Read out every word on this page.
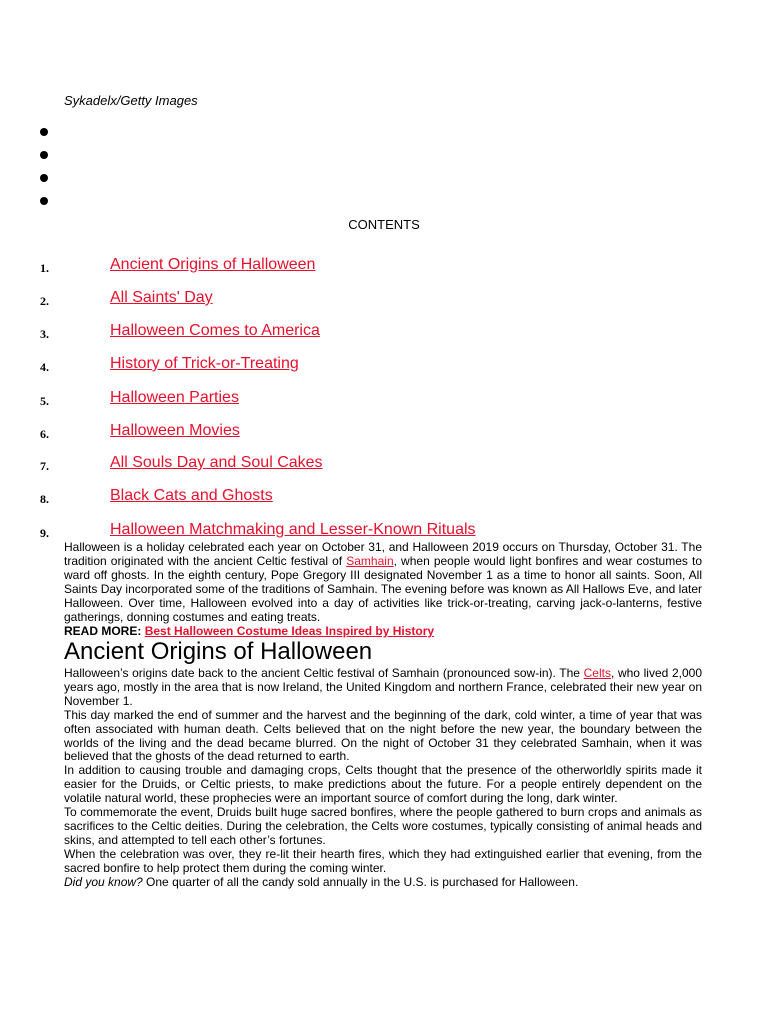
Sykadelx/Getty Images
CONTENTS
1.	Ancient Origins of Halloween
2.	All Saints' Day
3.	Halloween Comes to America
4.	History of Trick-or-Treating
5.	Halloween Parties
6.	Halloween Movies
7.	All Souls Day and Soul Cakes
8.	Black Cats and Ghosts
9.	Halloween Matchmaking and Lesser-Known Rituals
Halloween is a holiday celebrated each year on October 31, and Halloween 2019 occurs on Thursday, October 31. The tradition originated with the ancient Celtic festival of Samhain, when people would light bonfires and wear costumes to ward off ghosts. In the eighth century, Pope Gregory III designated November 1 as a time to honor all saints. Soon, All Saints Day incorporated some of the traditions of Samhain. The evening before was known as All Hallows Eve, and later Halloween. Over time, Halloween evolved into a day of activities like trick-or-treating, carving jack-o-lanterns, festive gatherings, donning costumes and eating treats.
READ MORE: Best Halloween Costume Ideas Inspired by History
Ancient Origins of Halloween

Halloween’s origins date back to the ancient Celtic festival of Samhain (pronounced sow-in). The Celts, who lived 2,000 years ago, mostly in the area that is now Ireland, the United Kingdom and northern France, celebrated their new year on November 1.

This day marked the end of summer and the harvest and the beginning of the dark, cold winter, a time of year that was often associated with human death. Celts believed that on the night before the new year, the boundary between the worlds of the living and the dead became blurred. On the night of October 31 they celebrated Samhain, when it was believed that the ghosts of the dead returned to earth.

In addition to causing trouble and damaging crops, Celts thought that the presence of the otherworldly spirits made it easier for the Druids, or Celtic priests, to make predictions about the future. For a people entirely dependent on the volatile natural world, these prophecies were an important source of comfort during the long, dark winter.

To commemorate the event, Druids built huge sacred bonfires, where the people gathered to burn crops and animals as sacrifices to the Celtic deities. During the celebration, the Celts wore costumes, typically consisting of animal heads and skins, and attempted to tell each other’s fortunes.

When the celebration was over, they re-lit their hearth fires, which they had extinguished earlier that evening, from the sacred bonfire to help protect them during the coming winter.

Did you know? One quarter of all the candy sold annually in the U.S. is purchased for Halloween.
